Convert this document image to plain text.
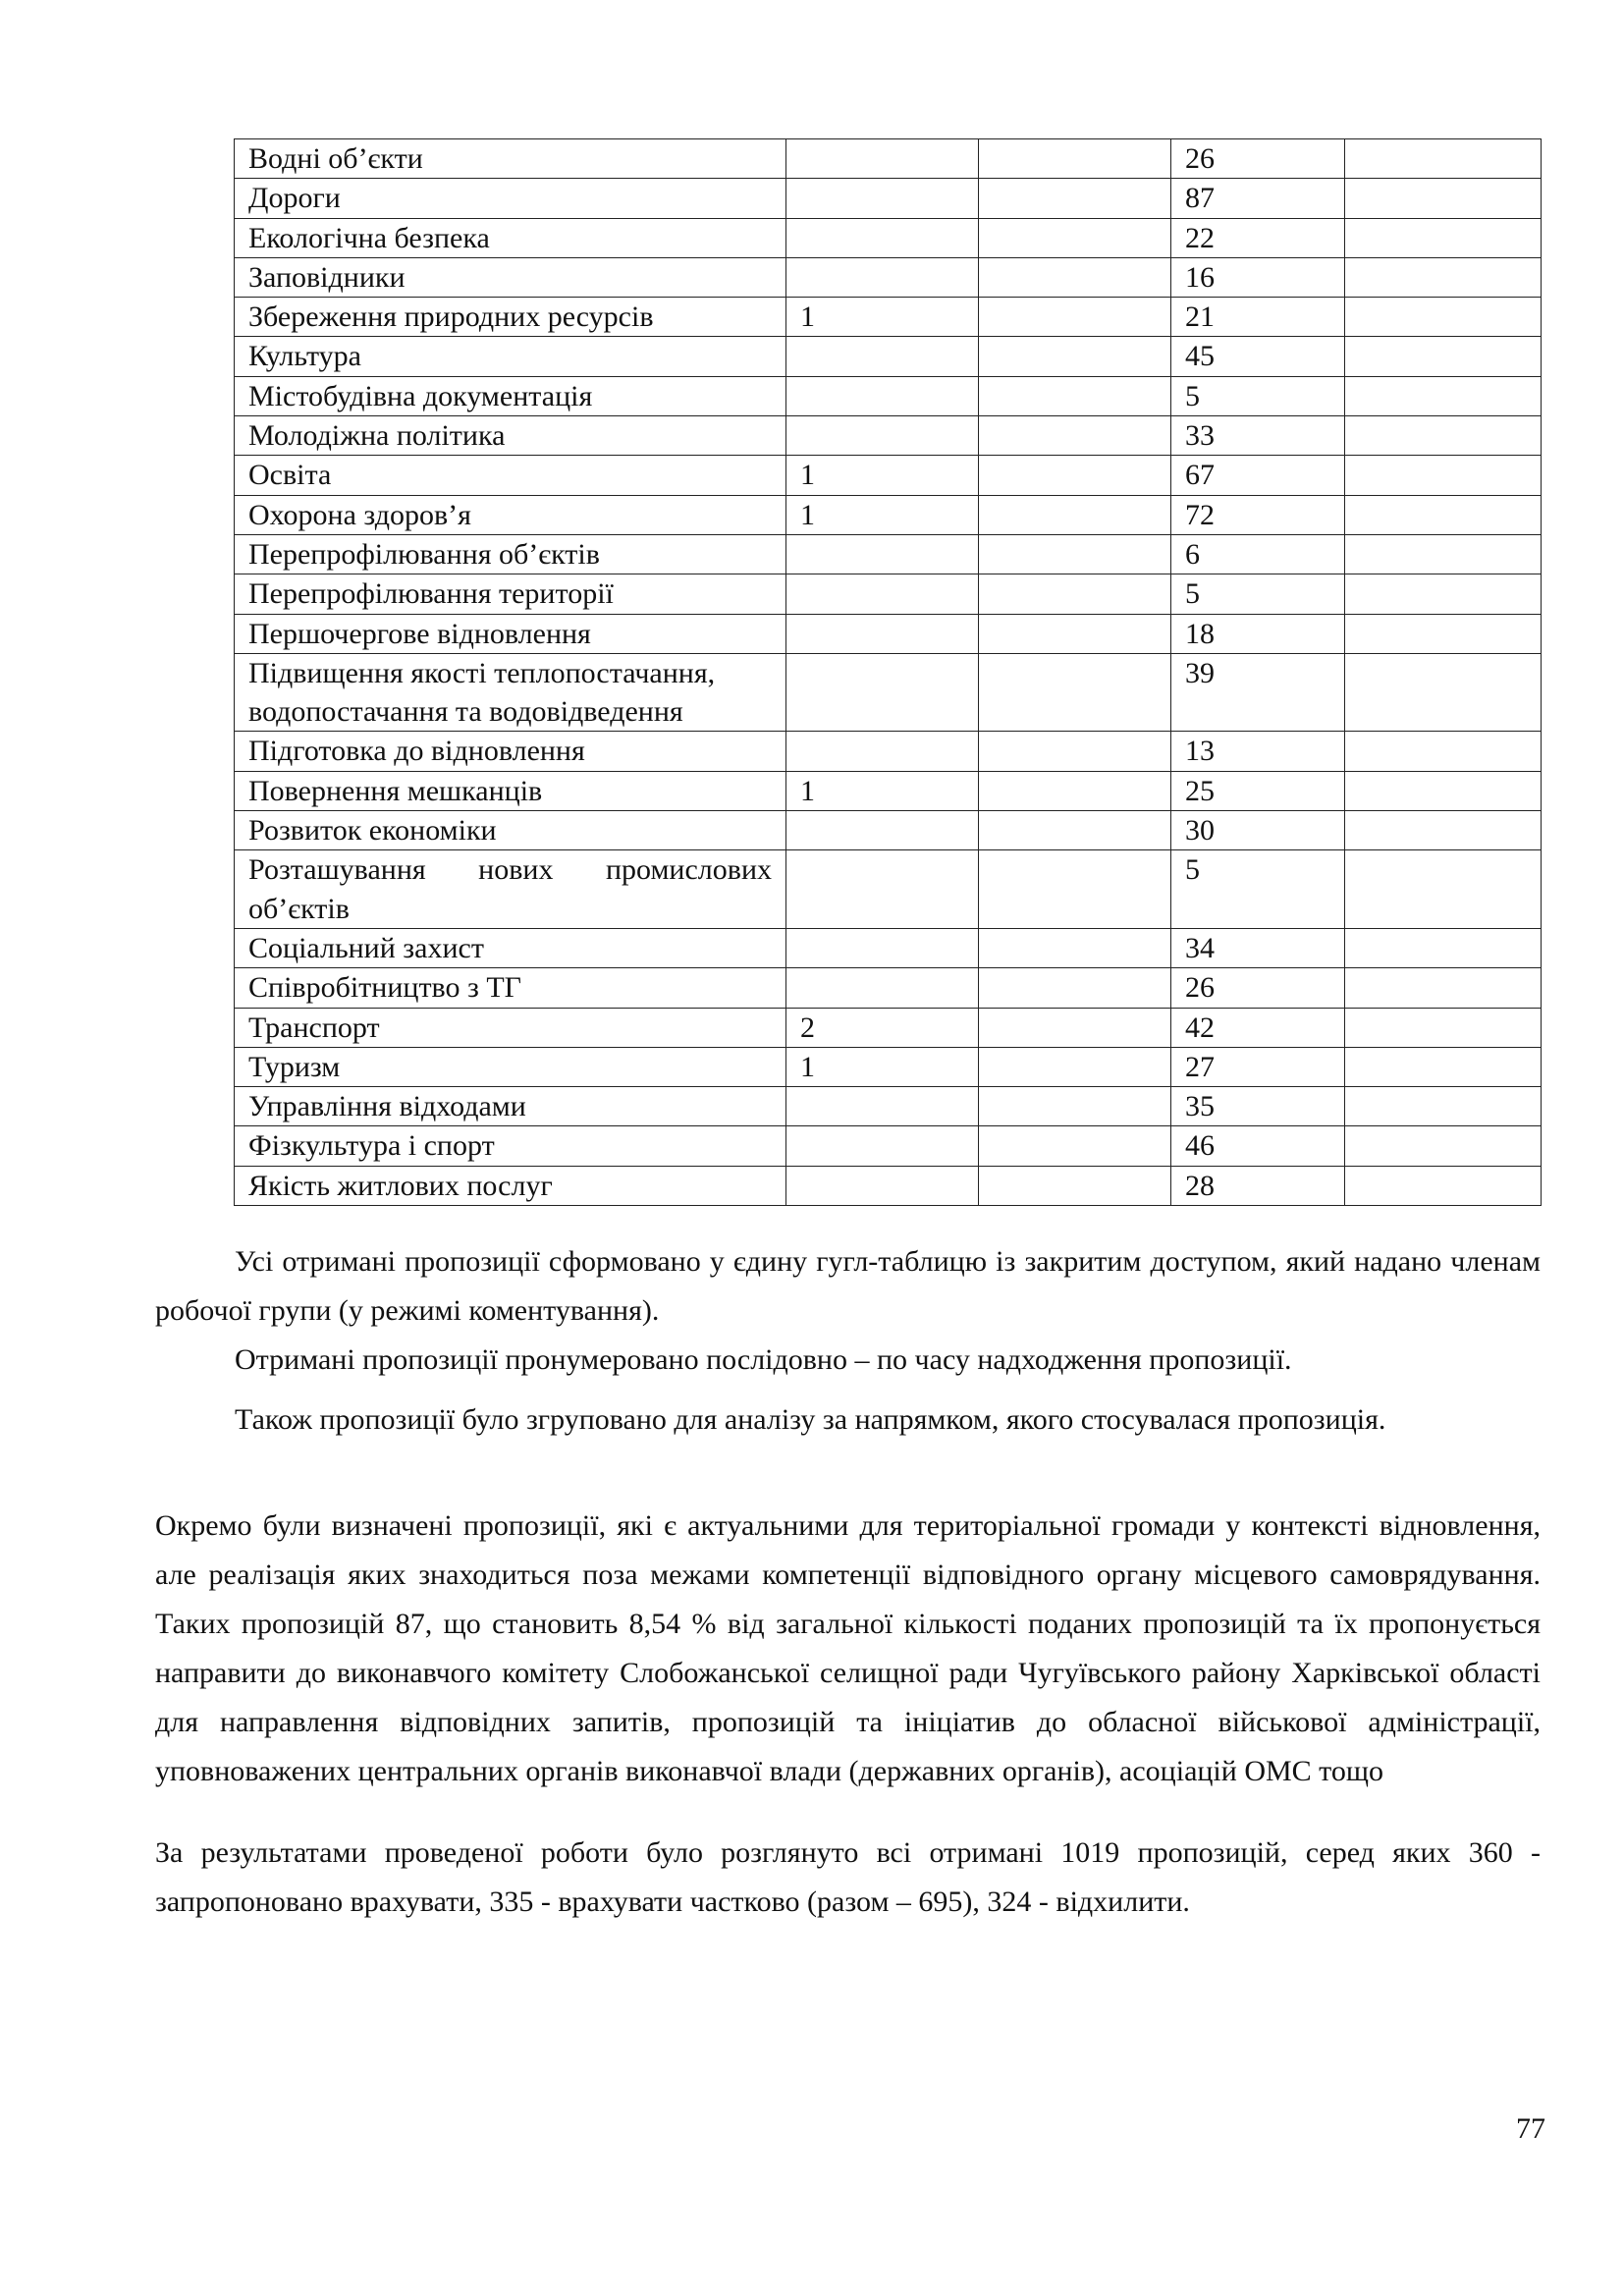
Водні об’єкти			26	
Дороги			87	
Екологічна безпека			22	
Заповідники			16	
Збереження природних ресурсів	1		21	
Культура			45	
Містобудівна документація			5	
Молодіжна політика			33	
Освіта	1		67	
Охорона здоров’я	1		72	
Перепрофілювання об’єктів			6	
Перепрофілювання території			5	
Першочергове відновлення			18	
Підвищення якості теплопостачання, водопостачання та водовідведення			39	
Підготовка до відновлення			13	
Повернення мешканців	1		25	
Розвиток економіки			30	
Розташування нових промислових об’єктів			5	
Соціальний захист			34	
Співробітництво з ТГ			26	
Транспорт	2		42	
Туризм	1		27	
Управління відходами			35	
Фізкультура і спорт			46	
Якість житлових послуг			28	

Усі отримані пропозиції сформовано у єдину гугл-таблицю із закритим доступом, який надано членам робочої групи (у режимі коментування).

Отримані пропозиції пронумеровано послідовно – по часу надходження пропозиції.

Також пропозиції було згруповано для аналізу за напрямком, якого стосувалася пропозиція.

Окремо були визначені пропозиції, які є актуальними для територіальної громади у контексті відновлення, але реалізація яких знаходиться поза межами компетенції відповідного органу місцевого самоврядування. Таких пропозицій 87, що становить 8,54 % від загальної кількості поданих пропозицій та їх пропонується направити до виконавчого комітету Слобожанської селищної ради Чугуївського району Харківської області для направлення відповідних запитів, пропозицій та ініціатив до обласної військової адміністрації, уповноважених центральних органів виконавчої влади (державних органів), асоціацій ОМС тощо

За результатами проведеної роботи було розглянуто всі отримані 1019 пропозицій, серед яких 360 - запропоновано врахувати, 335 - врахувати частково (разом – 695), 324 - відхилити.

77
